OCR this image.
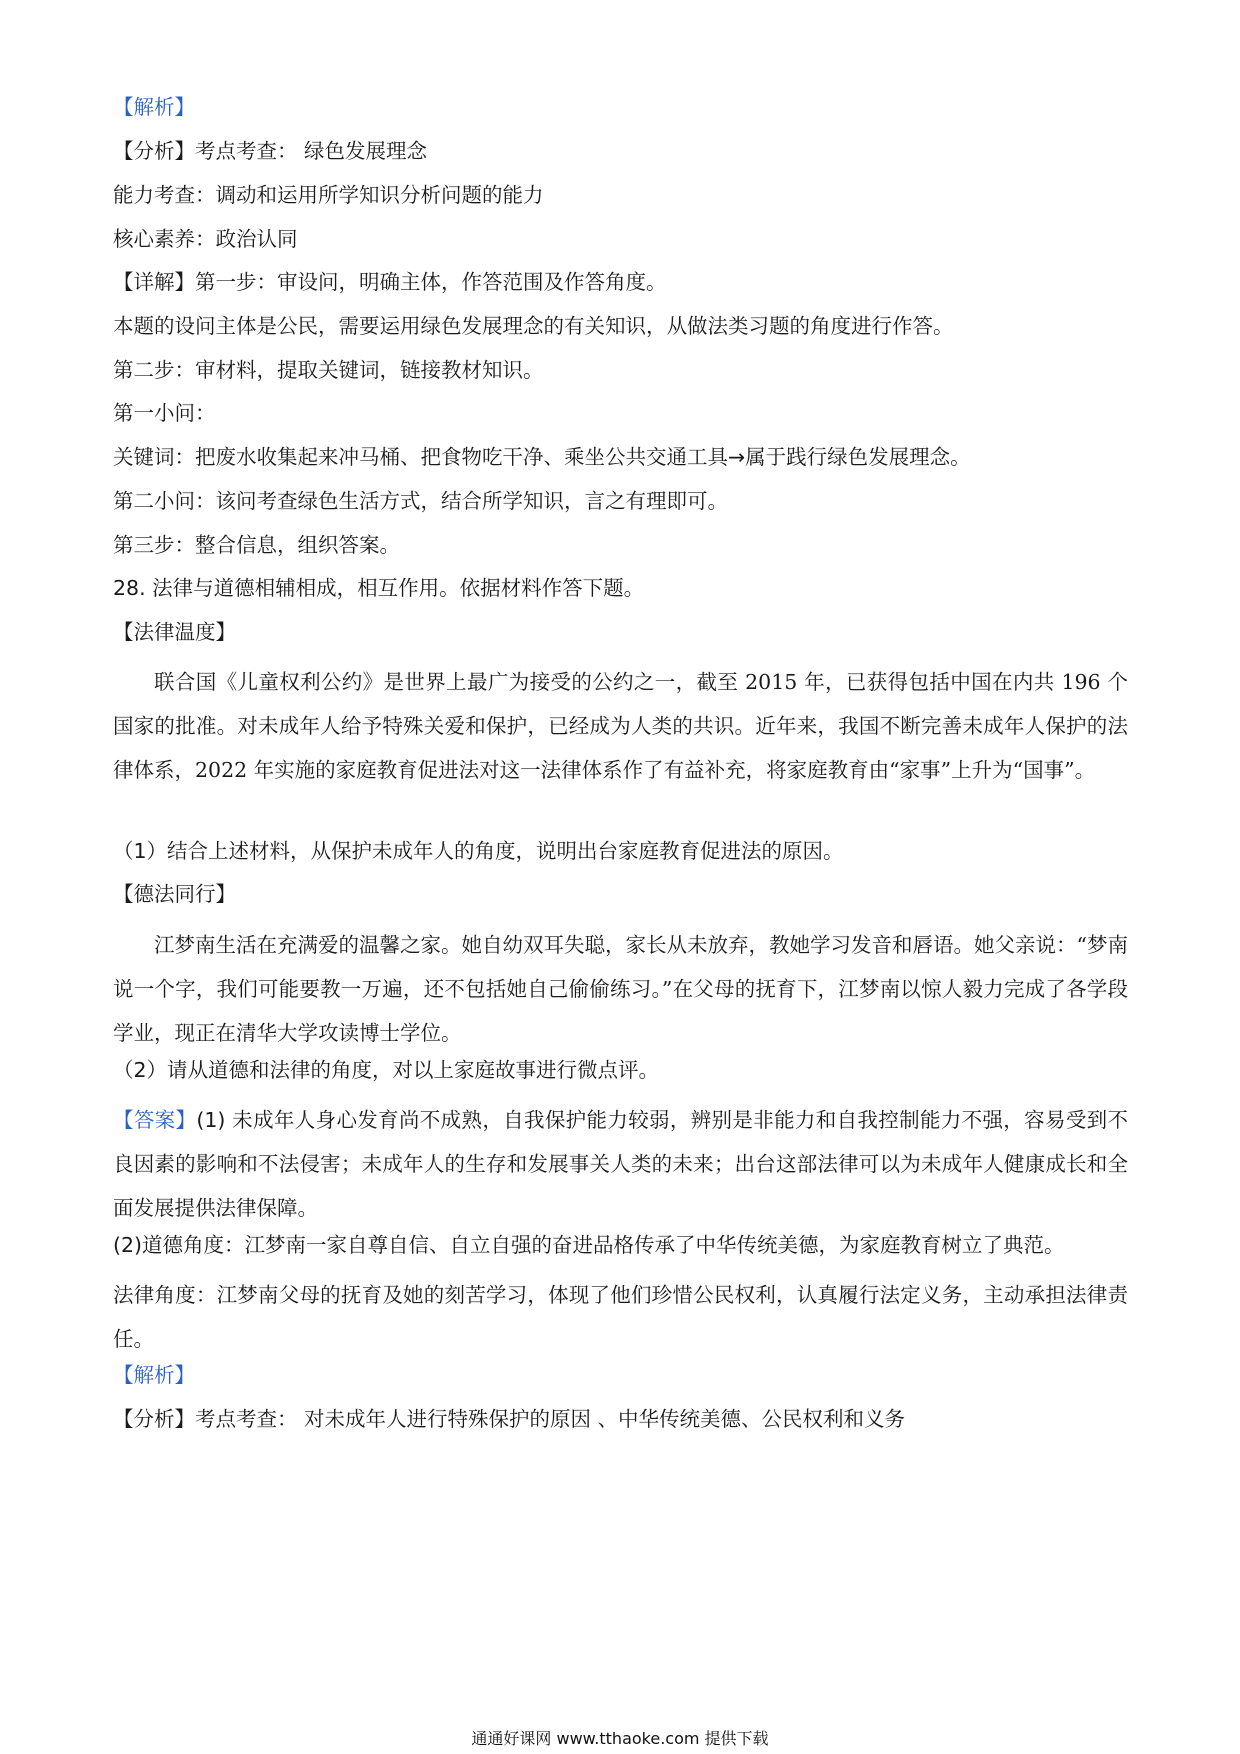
【解析】
【分析】考点考查： 绿色发展理念
能力考查：调动和运用所学知识分析问题的能力
核心素养：政治认同
【详解】第一步：审设问，明确主体，作答范围及作答角度。
本题的设问主体是公民，需要运用绿色发展理念的有关知识，从做法类习题的角度进行作答。
第二步：审材料，提取关键词，链接教材知识。
第一小问：
关键词：把废水收集起来冲马桶、把食物吃干净、乘坐公共交通工具→属于践行绿色发展理念。
第二小问：该问考查绿色生活方式，结合所学知识，言之有理即可。
第三步：整合信息，组织答案。
28. 法律与道德相辅相成，相互作用。依据材料作答下题。
【法律温度】
联合国《儿童权利公约》是世界上最广为接受的公约之一，截至 2015 年，已获得包括中国在内共 196 个国家的批准。对未成年人给予特殊关爱和保护，已经成为人类的共识。近年来，我国不断完善未成年人保护的法律体系，2022 年实施的家庭教育促进法对这一法律体系作了有益补充，将家庭教育由“家事”上升为“国事”。
（1）结合上述材料，从保护未成年人的角度，说明出台家庭教育促进法的原因。
【德法同行】
江梦南生活在充满爱的温馨之家。她自幼双耳失聪，家长从未放弃，教她学习发音和唇语。她父亲说：“梦南说一个字，我们可能要教一万遍，还不包括她自己偷偷练习。”在父母的抚育下，江梦南以惊人毅力完成了各学段学业，现正在清华大学攻读博士学位。
（2）请从道德和法律的角度，对以上家庭故事进行微点评。
【答案】(1) 未成年人身心发育尚不成熟，自我保护能力较弱，辨别是非能力和自我控制能力不强，容易受到不良因素的影响和不法侵害；未成年人的生存和发展事关人类的未来；出台这部法律可以为未成年人健康成长和全面发展提供法律保障。
(2)道德角度：江梦南一家自尊自信、自立自强的奋进品格传承了中华传统美德，为家庭教育树立了典范。
法律角度：江梦南父母的抚育及她的刻苦学习，体现了他们珍惜公民权利，认真履行法定义务，主动承担法律责任。
【解析】
【分析】考点考查： 对未成年人进行特殊保护的原因 、中华传统美德、公民权利和义务
通通好课网 www.tthaoke.com 提供下载
